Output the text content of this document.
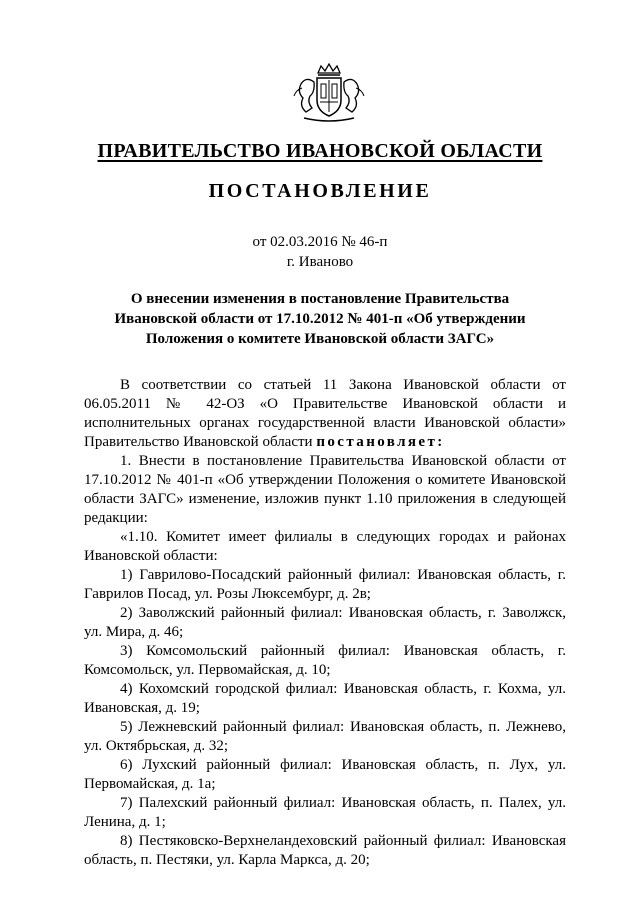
ПРАВИТЕЛЬСТВО ИВАНОВСКОЙ ОБЛАСТИ
ПОСТАНОВЛЕНИЕ
от 02.03.2016 № 46-п
г. Иваново
О внесении изменения в постановление Правительства
Ивановской области от 17.10.2012 № 401-п «Об утверждении
Положения о комитете Ивановской области ЗАГС»

В соответствии со статьей 11 Закона Ивановской области от 06.05.2011 № 42-ОЗ «О Правительстве Ивановской области и исполнительных органах государственной власти Ивановской области» Правительство Ивановской области постановляет:

1. Внести в постановление Правительства Ивановской области от 17.10.2012 № 401-п «Об утверждении Положения о комитете Ивановской области ЗАГС» изменение, изложив пункт 1.10 приложения в следующей редакции:

«1.10. Комитет имеет филиалы в следующих городах и районах Ивановской области:

1) Гаврилово-Посадский районный филиал: Ивановская область, г. Гаврилов Посад, ул. Розы Люксембург, д. 2в;

2) Заволжский районный филиал: Ивановская область, г. Заволжск, ул. Мира, д. 46;

3) Комсомольский районный филиал: Ивановская область, г. Комсомольск, ул. Первомайская, д. 10;

4) Кохомский городской филиал: Ивановская область, г. Кохма, ул. Ивановская, д. 19;

5) Лежневский районный филиал: Ивановская область, п. Лежнево, ул. Октябрьская, д. 32;

6) Лухский районный филиал: Ивановская область, п. Лух, ул. Первомайская, д. 1а;

7) Палехский районный филиал: Ивановская область, п. Палех, ул. Ленина, д. 1;

8) Пестяковско-Верхнеландеховский районный филиал: Ивановская область, п. Пестяки, ул. Карла Маркса, д. 20;
